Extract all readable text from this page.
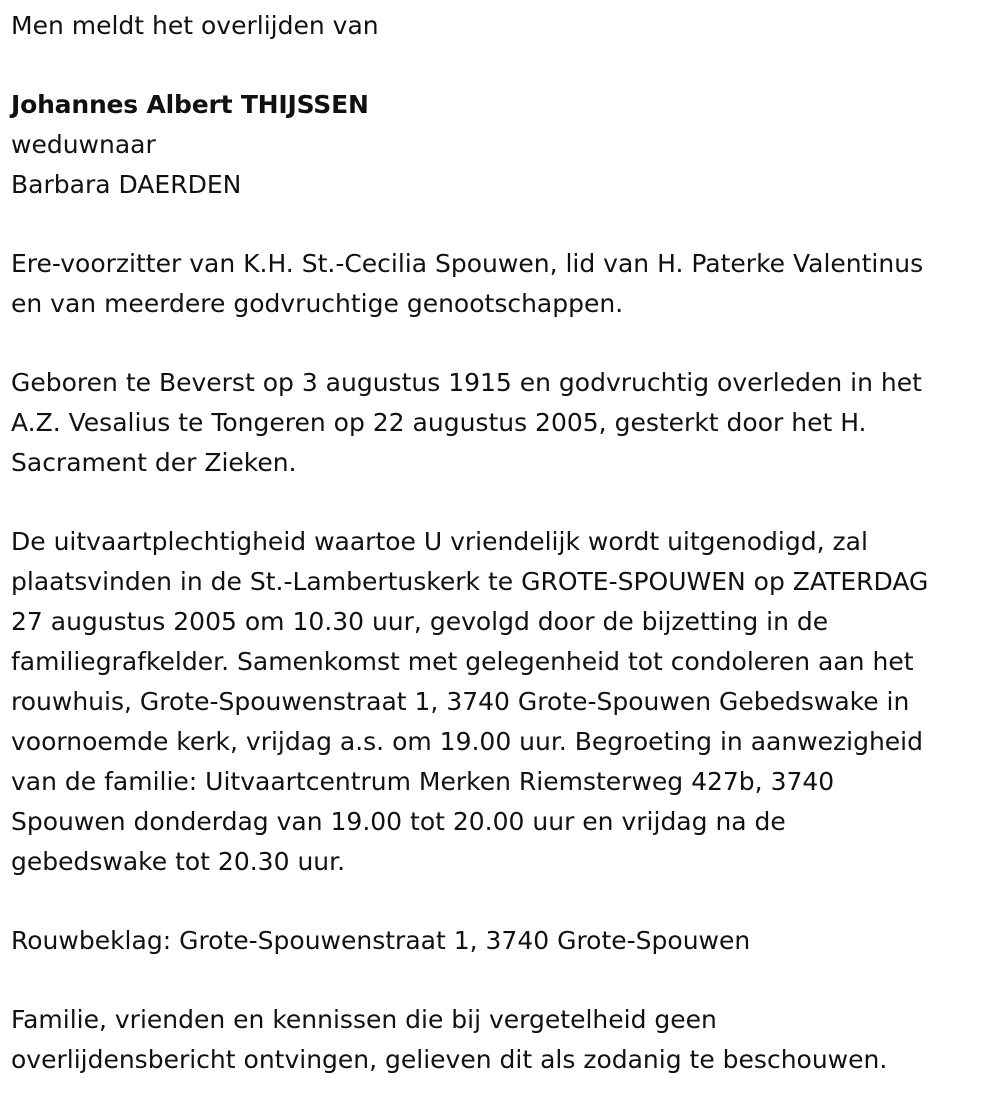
Men meldt het overlijden van

Johannes Albert THIJSSEN

weduwnaar

Barbara DAERDEN

Ere-voorzitter van K.H. St.-Cecilia Spouwen, lid van H. Paterke Valentinus
en van meerdere godvruchtige genootschappen.
Geboren te Beverst op 3 augustus 1915 en godvruchtig overleden in het
A.Z. Vesalius te Tongeren op 22 augustus 2005, gesterkt door het H.
Sacrament der Zieken.
De uitvaartplechtigheid waartoe U vriendelijk wordt uitgenodigd, zal
plaatsvinden in de St.-Lambertuskerk te GROTE-SPOUWEN op ZATERDAG
27 augustus 2005 om 10.30 uur, gevolgd door de bijzetting in de
familiegrafkelder. Samenkomst met gelegenheid tot condoleren aan het
rouwhuis, Grote-Spouwenstraat 1, 3740 Grote-Spouwen Gebedswake in
voornoemde kerk, vrijdag a.s. om 19.00 uur. Begroeting in aanwezigheid
van de familie: Uitvaartcentrum Merken Riemsterweg 427b, 3740
Spouwen donderdag van 19.00 tot 20.00 uur en vrijdag na de
gebedswake tot 20.30 uur.

Rouwbeklag: Grote-Spouwenstraat 1, 3740 Grote-Spouwen

Familie, vrienden en kennissen die bij vergetelheid geen
overlijdensbericht ontvingen, gelieven dit als zodanig te beschouwen.
